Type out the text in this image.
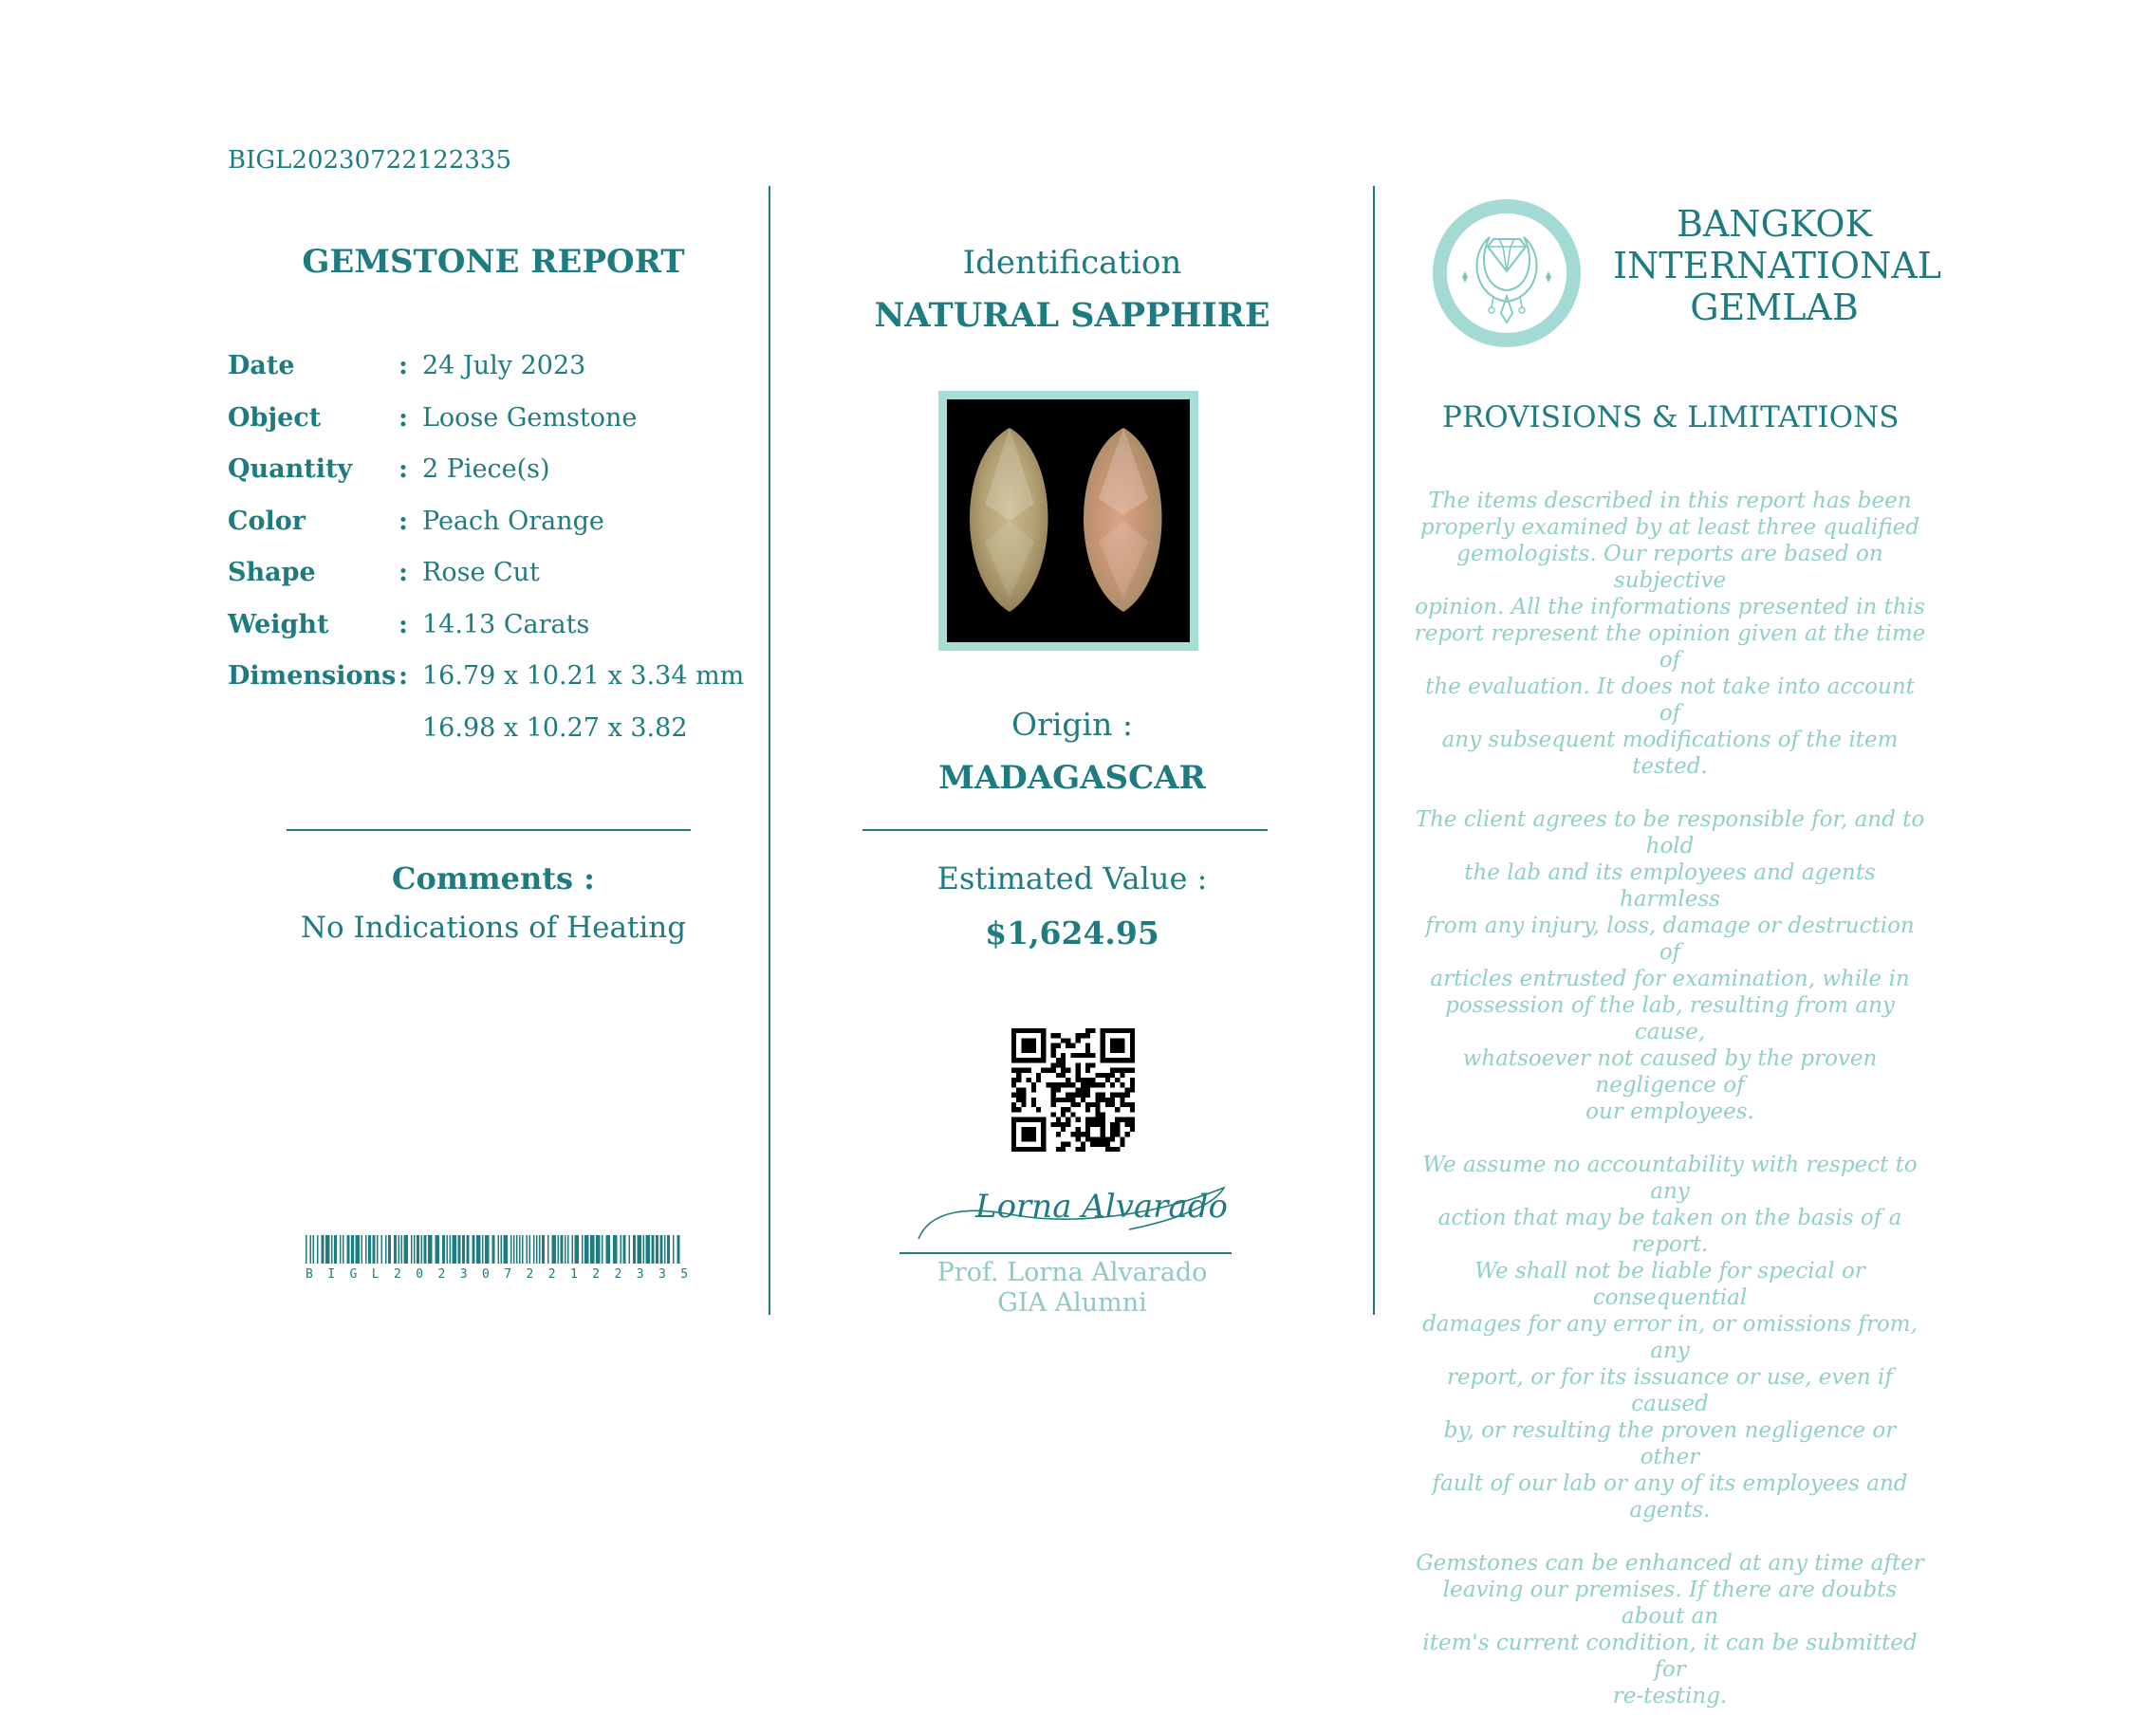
BIGL20230722122335
GEMSTONE REPORT
Date	: 24 July 2023
Object	: Loose Gemstone
Quantity : 2 Piece(s)
Color	: Peach Orange
Shape	: Rose Cut
Weight	: 14.13 Carats
Dimensions : 16.79 x 10.21 x 3.34 mm
16.98 x 10.27 x 3.82
Comments :
No Indications of Heating
B I G L 2 0 2 3 0 7 2 2 1 2 2 3 3 5
Identification
NATURAL SAPPHIRE
Origin :
MADAGASCAR
Estimated Value :
$1,624.95
Lorna Alvarado
Prof. Lorna Alvarado
GIA Alumni
BANGKOK
INTERNATIONAL
GEMLAB
PROVISIONS & LIMITATIONS
The items described in this report has been
properly examined by at least three qualified
gemologists. Our reports are based on subjective
opinion. All the informations presented in this
report represent the opinion given at the time of
the evaluation. It does not take into account of
any subsequent modifications of the item tested.
The client agrees to be responsible for, and to hold
the lab and its employees and agents harmless
from any injury, loss, damage or destruction of
articles entrusted for examination, while in
possession of the lab, resulting from any cause,
whatsoever not caused by the proven negligence of
our employees.
We assume no accountability with respect to any
action that may be taken on the basis of a report.
We shall not be liable for special or consequential
damages for any error in, or omissions from, any
report, or for its issuance or use, even if caused
by, or resulting the proven negligence or other
fault of our lab or any of its employees and
agents.
Gemstones can be enhanced at any time after
leaving our premises. If there are doubts about an
item's current condition, it can be submitted for
re-testing.
